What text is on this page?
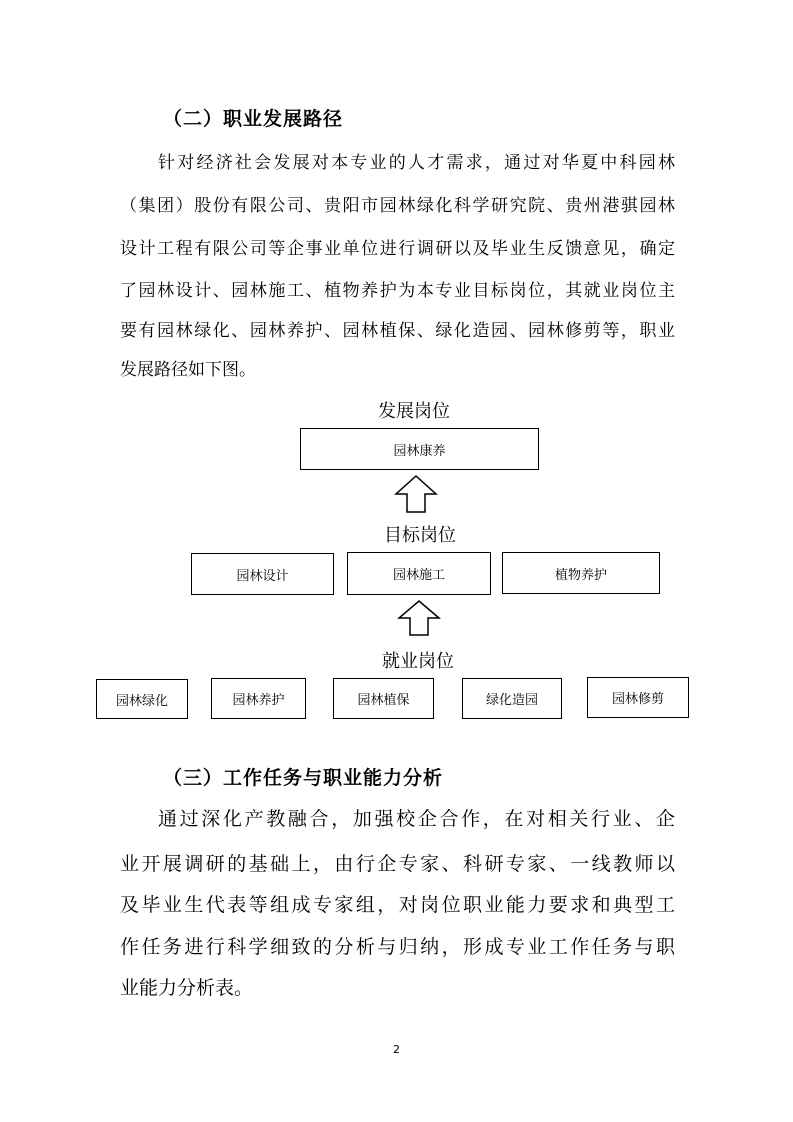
（二）职业发展路径
针对经济社会发展对本专业的人才需求，通过对华夏中科园林
（集团）股份有限公司、贵阳市园林绿化科学研究院、贵州港骐园林
设计工程有限公司等企事业单位进行调研以及毕业生反馈意见，确定
了园林设计、园林施工、植物养护为本专业目标岗位，其就业岗位主
要有园林绿化、园林养护、园林植保、绿化造园、园林修剪等，职业
发展路径如下图。
发展岗位
园林康养
目标岗位
园林设计	园林施工	植物养护
就业岗位
园林绿化	园林养护	园林植保	绿化造园	园林修剪
（三）工作任务与职业能力分析
通过深化产教融合，加强校企合作，在对相关行业、企
业开展调研的基础上，由行企专家、科研专家、一线教师以
及毕业生代表等组成专家组，对岗位职业能力要求和典型工
作任务进行科学细致的分析与归纳，形成专业工作任务与职
业能力分析表。
2
